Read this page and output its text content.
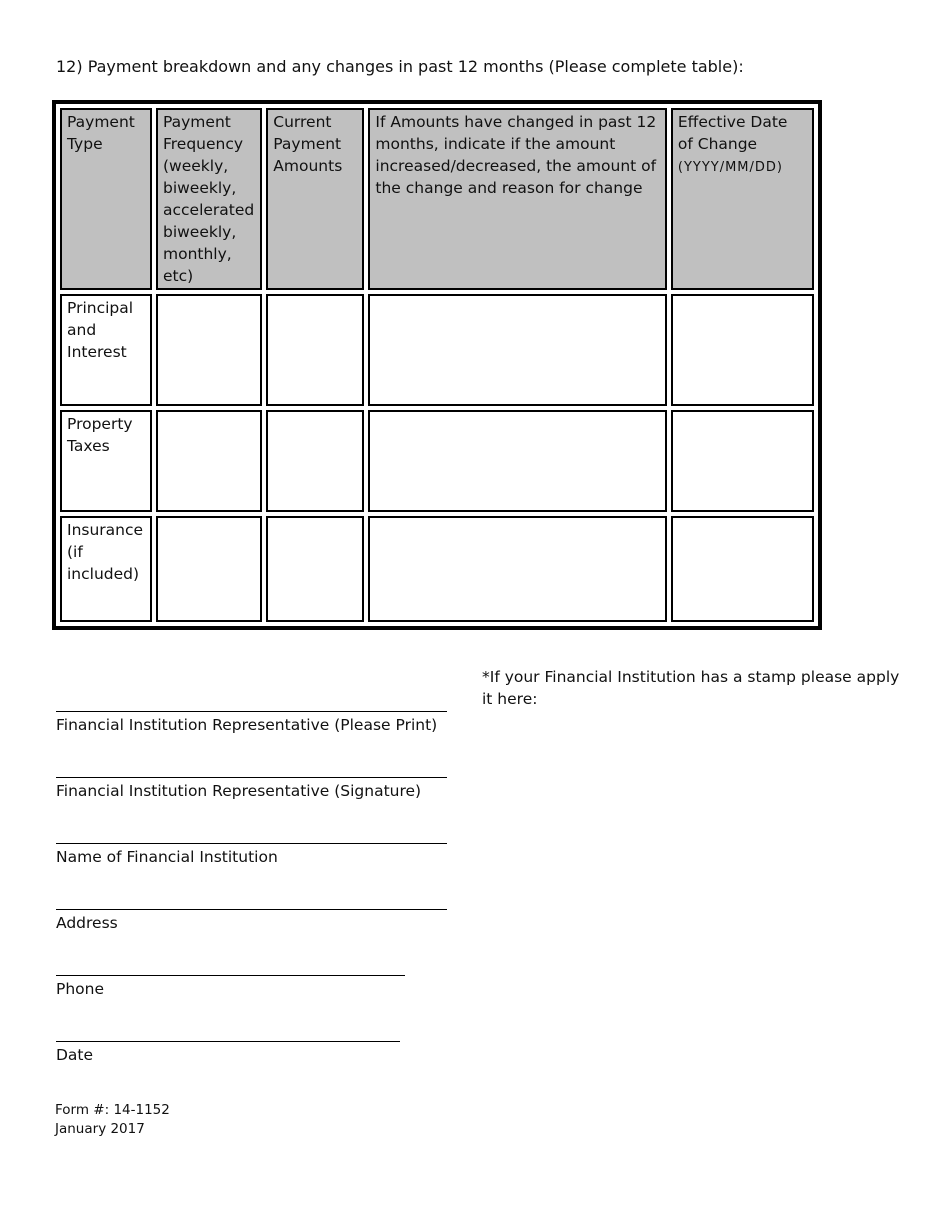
12) Payment breakdown and any changes in past 12 months (Please complete table):
Payment Type	Payment Frequency (weekly, biweekly, accelerated biweekly, monthly, etc)	Current Payment Amounts	If Amounts have changed in past 12 months, indicate if the amount increased/decreased, the amount of the change and reason for change	Effective Date of Change (YYYY/MM/DD)
Principal and Interest				
Property Taxes				
Insurance (if included)				
*If your Financial Institution has a stamp please apply it here:
Financial Institution Representative (Please Print)
Financial Institution Representative (Signature)
Name of Financial Institution
Address
Phone
Date
Form #: 14-1152
January 2017
